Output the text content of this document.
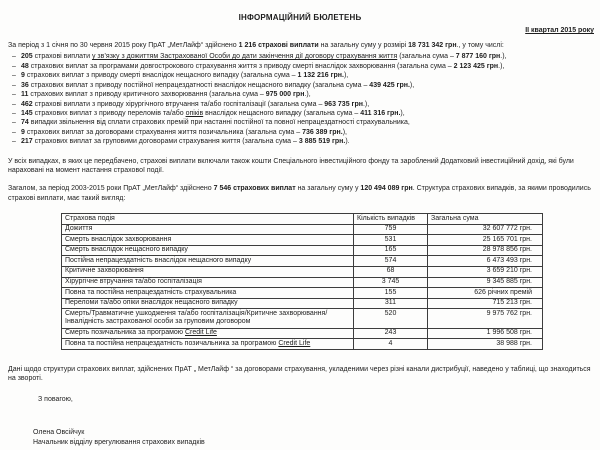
ІНФОРМАЦІЙНИЙ БЮЛЕТЕНЬ
ІІ квартал 2015 року
За період з 1 січня по 30 червня 2015 року ПрАТ „МетЛайф“ здійснено 1 216 страхові виплати на загальну суму у розмірі 18 731 342 грн., у тому числі:
– 205 страхові виплати у зв’язку з дожиттям Застрахованої Особи до дати закінчення дії договору страхування життя (загальна сума – 7 877 160 грн.),
– 48 страхових виплат за програмами довгострокового страхування життя з приводу смерті внаслідок захворювання (загальна сума – 2 123 425 грн.),
– 9 страхових виплат з приводу смерті внаслідок нещасного випадку (загальна сума – 1 132 216 грн.),
– 36 страхових виплат з приводу постійної непрацездатності внаслідок нещасного випадку (загальна сума – 439 425 грн.),
– 11 страхових виплат з приводу критичного захворювання (загальна сума – 975 000 грн.),
– 462 страхові виплати з приводу хірургічного втручання та/або госпіталізації (загальна сума – 963 735 грн.),
– 145 страхових виплат з приводу переломів та/або опіків внаслідок нещасного випадку (загальна сума – 411 316 грн.),
– 74 випадки звільнення від сплати страхових премій при настанні постійної та повної непрацездатності страхувальника,
– 9 страхових виплат за договорами страхування життя позичальника (загальна сума – 736 389 грн.),
– 217 страхових виплат за груповими договорами страхування життя (загальна сума – 3 885 519 грн.).
У всіх випадках, в яких це передбачено, страхові виплати включали також кошти Спеціального інвестиційного фонду та зароблений Додатковий інвестиційний дохід, які були нараховані на момент настання страхової події.
Загалом, за період 2003-2015 роки ПрАТ „МетЛайф“ здійснено 7 546 страхових виплат на загальну суму у 120 494 089 грн. Структура страхових випадків, за якими проводились страхові виплати, має такий вигляд:
Страхова подія	Кількість випадків	Загальна сума
Дожиття	759	32 607 772 грн.
Смерть внаслідок захворювання	531	25 165 701 грн.
Смерть внаслідок нещасного випадку	165	28 978 856 грн.
Постійна непрацездатність внаслідок нещасного випадку	574	6 473 493 грн.
Критичне захворювання	68	3 659 210 грн.
Хірургічне втручання та/або госпіталізація	3 745	9 345 885 грн.
Повна та постійна непрацездатність страхувальника	155	626 річних премій
Переломи та/або опіки внаслідок нещасного випадку	311	715 213 грн.
Смерть/Травматичне ушкодження та/або госпіталізація/Критичне захворювання/ Інвалідність застрахованої особи за груповим договором	520	9 975 762 грн.
Смерть позичальника за програмою Credit Life	243	1 996 508 грн.
Повна та постійна непрацездатність позичальника за програмою Credit Life	4	38 988 грн.
Дані щодо структури страхових виплат, здійснених ПрАТ „ МетЛайф “ за договорами страхування, укладеними через різні канали дистрибуції, наведено у таблиці, що знаходиться на звороті.
З повагою,
Олена Овсійчук
Начальник відділу врегулювання страхових випадків
